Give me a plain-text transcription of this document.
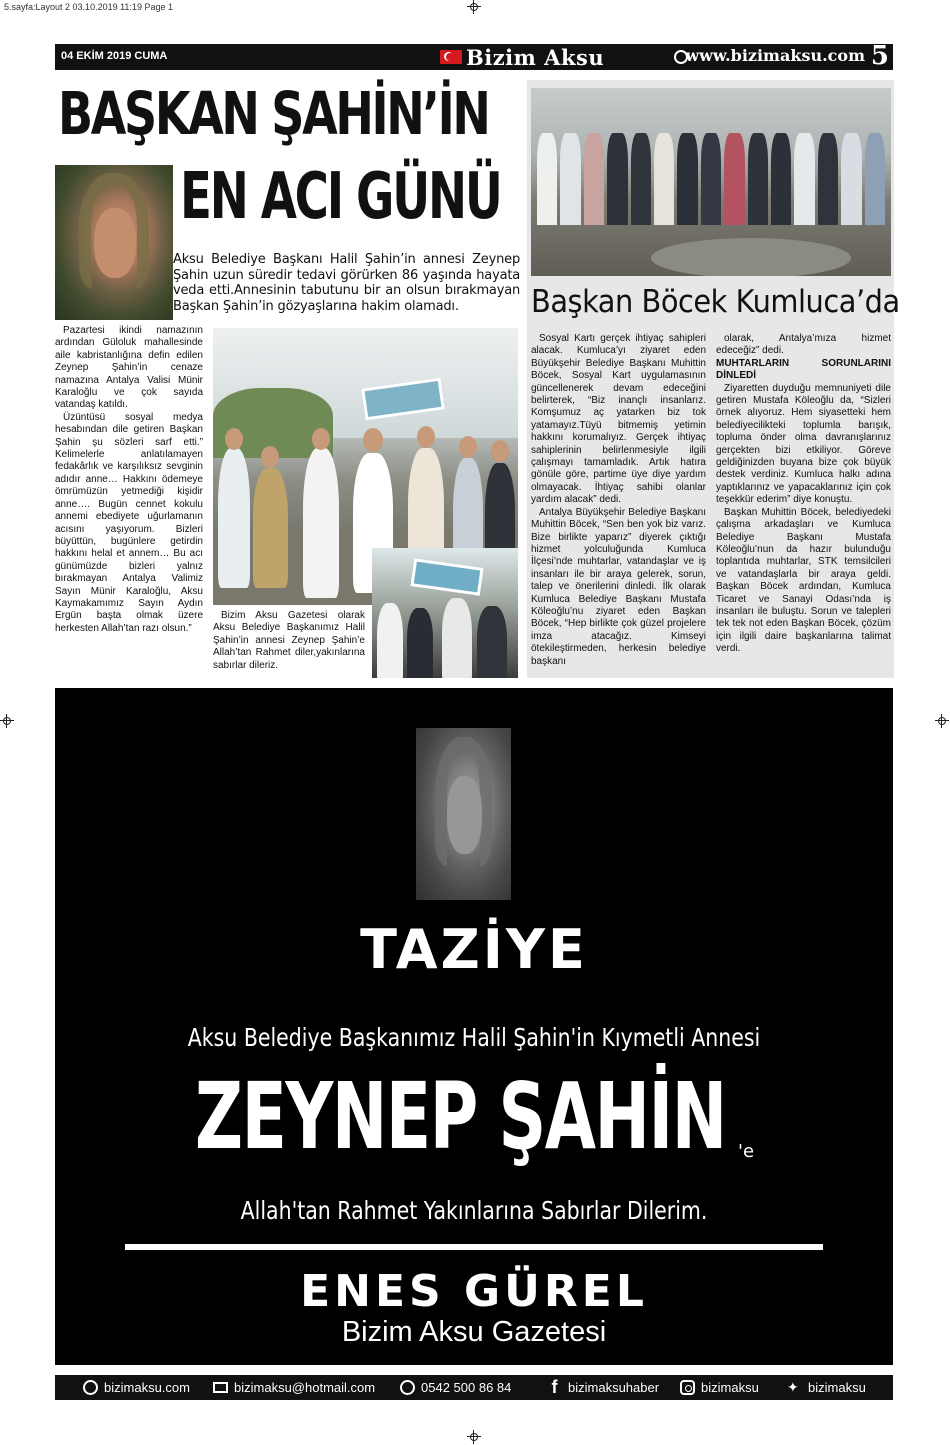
5.sayfa:Layout 2 03.10.2019 11:19 Page 1
04 EKİM 2019 CUMA	Bizim Aksu	www.bizimaksu.com 5
BAŞKAN ŞAHİN’İN
EN ACI GÜNÜ
Aksu Belediye Başkanı Halil Şahin’in annesi Zeynep Şahin uzun süredir tedavi görürken 86 yaşında hayata veda etti.Annesinin tabutunu bir an olsun bırakmayan Başkan Şahin’in gözyaşlarına hakim olamadı.

Pazartesi ikindi namazının ardından Güloluk mahallesinde aile kabristanlığına defin edilen Zeynep Şahin’in cenaze namazına Antalya Valisi Münir Karaloğlu ve çok sayıda vatandaş katıldı.

Üzüntüsü sosyal medya hesabından dile getiren Başkan Şahin şu sözleri sarf etti.” Kelimelerle anlatılamayen fedakârlık ve karşılıksız sevginin adıdır anne… Hakkını ödemeye ömrümüzün yetmediği kişidir anne…. Bugün cennet kokulu annemi ebediyete uğurlamanın acısını yaşıyorum. Bizleri büyüttün, bugünlere getirdin hakkını helal et annem… Bu acı günümüzde bizleri yalnız bırakmayan Antalya Valimiz Sayın Münir Karaloğlu, Aksu Kaymakamımız Sayın Aydın Ergün başta olmak üzere herkesten Allah’tan razı olsun.”

Bizim Aksu Gazetesi olarak Aksu Belediye Başkanımız Halil Şahin’in annesi Zeynep Şahin’e Allah’tan Rahmet diler,yakınlarına sabırlar dileriz.

Başkan Böcek Kumluca’da

Sosyal Kartı gerçek ihtiyaç sahipleri alacak. Kumluca’yı ziyaret eden Büyükşehir Belediye Başkanı Muhittin Böcek, Sosyal Kart uygulamasının güncellenerek devam edeceğini belirterek, “Biz inançlı insanlarız. Komşumuz aç yatarken biz tok yatamayız.Tüyü bitmemiş yetimin hakkını korumalıyız. Gerçek ihtiyaç sahiplerinin belirlenmesiyle ilgili çalışmayı tamamladık. Artık hatıra gönüle göre, partime üye diye yardım olmayacak. İhtiyaç sahibi olanlar yardım alacak” dedi.

Antalya Büyükşehir Belediye Başkanı Muhittin Böcek, “Sen ben yok biz varız. Bize birlikte yaparız” diyerek çıktığı hizmet yolculuğunda Kumluca İlçesi’nde muhtarlar, vatandaşlar ve iş insanları ile bir araya gelerek, sorun, talep ve önerilerini dinledi. İlk olarak Kumluca Belediye Başkanı Mustafa Köleoğlu’nu ziyaret eden Başkan Böcek, “Hep birlikte çok güzel projelere imza atacağız. Kimseyi ötekileştirmeden, herkesin belediye başkanı

olarak, Antalya’mıza hizmet edeceğiz” dedi.

MUHTARLARIN SORUNLARINI DİNLEDİ

Ziyaretten duyduğu memnuniyeti dile getiren Mustafa Köleoğlu da, “Sizleri örnek alıyoruz. Hem siyasetteki hem belediyecilikteki toplumla barışık, topluma önder olma davranışlarınız gerçekten bizi etkiliyor. Göreve geldiğinizden buyana bize çok büyük destek verdiniz. Kumluca halkı adına yaptıklarınız ve yapacaklarınız için çok teşekkür ederim” diye konuştu.

Başkan Muhittin Böcek, belediyedeki çalışma arkadaşları ve Kumluca Belediye Başkanı Mustafa Köleoğlu’nun da hazır bulunduğu toplantıda muhtarlar, STK temsilcileri ve vatandaşlarla bir araya geldi. Başkan Böcek ardından, Kumluca Ticaret ve Sanayi Odası’nda iş insanları ile buluştu. Sorun ve talepleri tek tek not eden Başkan Böcek, çözüm için ilgili daire başkanlarına talimat verdi.

TAZİYE
Aksu Belediye Başkanımız Halil Şahin'in Kıymetli Annesi
ZEYNEP ŞAHİN 'e
Allah'tan Rahmet Yakınlarına Sabırlar Dilerim.
ENES GÜREL
Bizim Aksu Gazetesi
bizimaksu.com	bizimaksu@hotmail.com	0542 500 86 84 f bizimaksuhaber	bizimaksu ✦ bizimaksu
